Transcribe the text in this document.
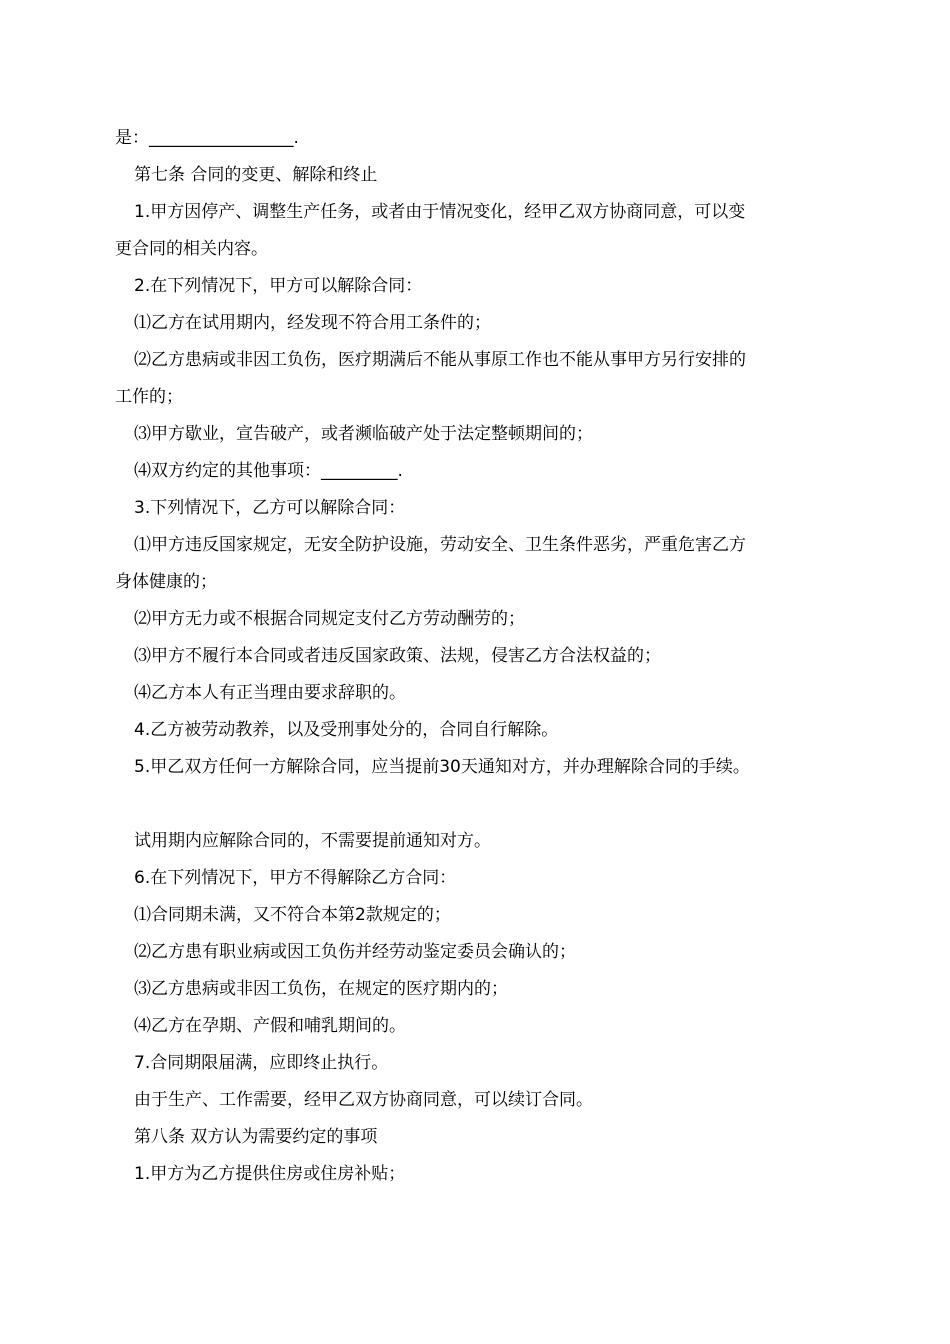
是：_________________.
第七条 合同的变更、解除和终止
1.甲方因停产、调整生产任务，或者由于情况变化，经甲乙双方协商同意，可以变
更合同的相关内容。
2.在下列情况下，甲方可以解除合同：
⑴乙方在试用期内，经发现不符合用工条件的；
⑵乙方患病或非因工负伤，医疗期满后不能从事原工作也不能从事甲方另行安排的
工作的；
⑶甲方歇业，宣告破产，或者濒临破产处于法定整顿期间的；
⑷双方约定的其他事项：_________.
3.下列情况下，乙方可以解除合同：
⑴甲方违反国家规定，无安全防护设施，劳动安全、卫生条件恶劣，严重危害乙方
身体健康的；
⑵甲方无力或不根据合同规定支付乙方劳动酬劳的；
⑶甲方不履行本合同或者违反国家政策、法规，侵害乙方合法权益的；
⑷乙方本人有正当理由要求辞职的。
4.乙方被劳动教养，以及受刑事处分的，合同自行解除。
5.甲乙双方任何一方解除合同，应当提前30天通知对方，并办理解除合同的手续。
试用期内应解除合同的，不需要提前通知对方。
6.在下列情况下，甲方不得解除乙方合同：
⑴合同期未满，又不符合本第2款规定的；
⑵乙方患有职业病或因工负伤并经劳动鉴定委员会确认的；
⑶乙方患病或非因工负伤，在规定的医疗期内的；
⑷乙方在孕期、产假和哺乳期间的。
7.合同期限届满，应即终止执行。
由于生产、工作需要，经甲乙双方协商同意，可以续订合同。
第八条 双方认为需要约定的事项
1.甲方为乙方提供住房或住房补贴；
